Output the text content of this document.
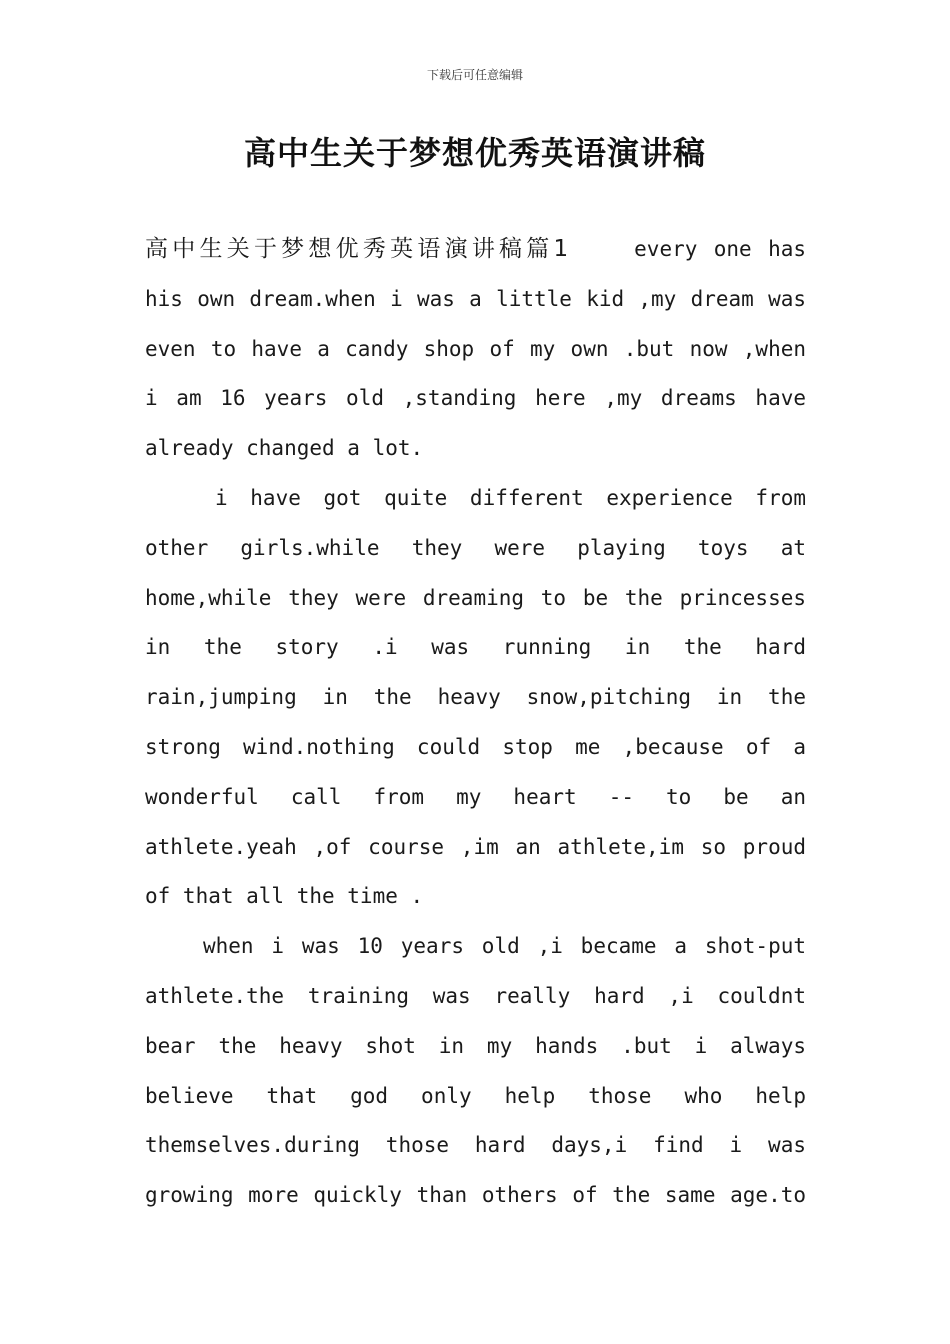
下载后可任意编辑
高中生关于梦想优秀英语演讲稿
高中生关于梦想优秀英语演讲稿篇1    every one has
his own dream.when i was a little kid ,my dream was
even to have a candy shop of my own .but now ,when
i am 16 years old ,standing here ,my dreams have
already changed a lot.
i have got quite different experience from
other girls.while they were playing toys at
home,while they were dreaming to be the princesses
in the story .i was running in the hard
rain,jumping in the heavy snow,pitching in the
strong wind.nothing could stop me ,because of a
wonderful call from my heart -- to be an
athlete.yeah ,of course ,im an athlete,im so proud
of that all the time .
when i was 10 years old ,i became a shot-put
athlete.the training was really hard ,i couldnt
bear the heavy shot in my hands .but i always
believe that god only help those who help
themselves.during those hard days,i find i was
growing more quickly than others of the same age.to
